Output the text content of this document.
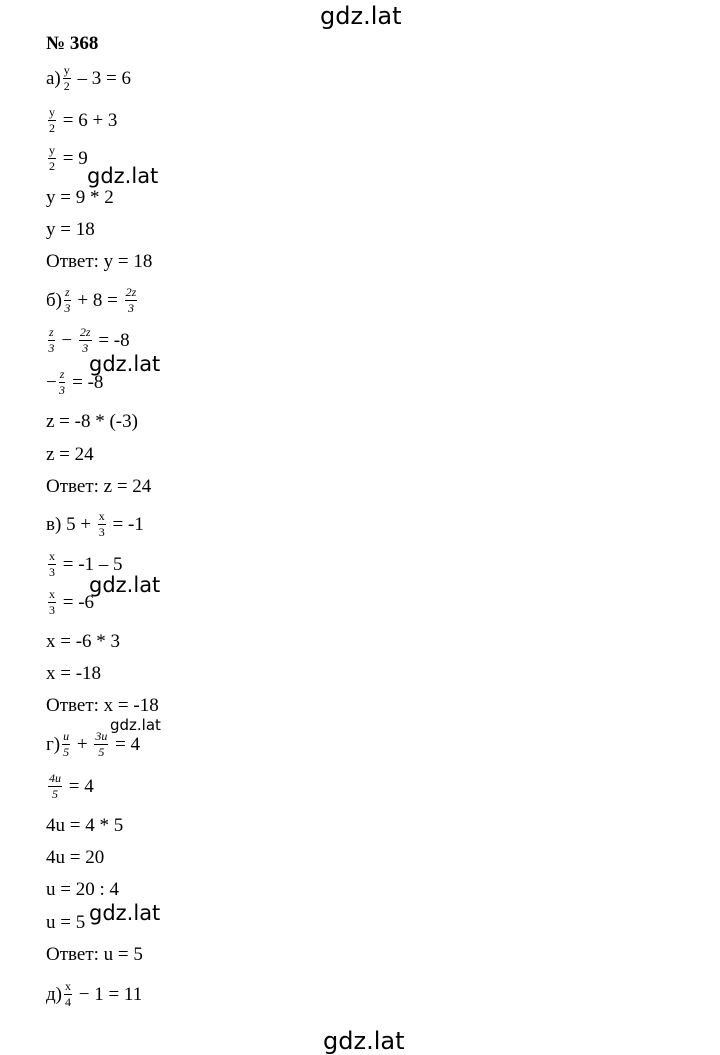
gdz.lat
gdz.lat
gdz.lat
gdz.lat
gdz.lat
gdz.lat
gdz.lat
№ 368
$а) \frac{y}{2} - 3 = 6$
$\frac{y}{2} = 6 + 3$
$\frac{y}{2} = 9$
y = 9 * 2
y = 18
Ответ: y = 18
$б) \frac{z}{3} + 8 = \frac{2z}{3}$
$\frac{z}{3} - \frac{2z}{3} = -8$
− $\frac{z}{3} = -8$
z = -8 * (-3)
z = 24
Ответ: z = 24
в) $5 + \frac{x}{3} = -1$
$\frac{x}{3} = -1 - 5$
$\frac{x}{3} = -6$
x = -6 * 3
x = -18
Ответ: x = -18
$г) \frac{u}{5} + \frac{3u}{5} = 4$
$\frac{4u}{5} = 4$
4u = 4 * 5
4u = 20
u = 20 : 4
u = 5
Ответ: u = 5
$д) \frac{x}{4} - 1 = 11$
